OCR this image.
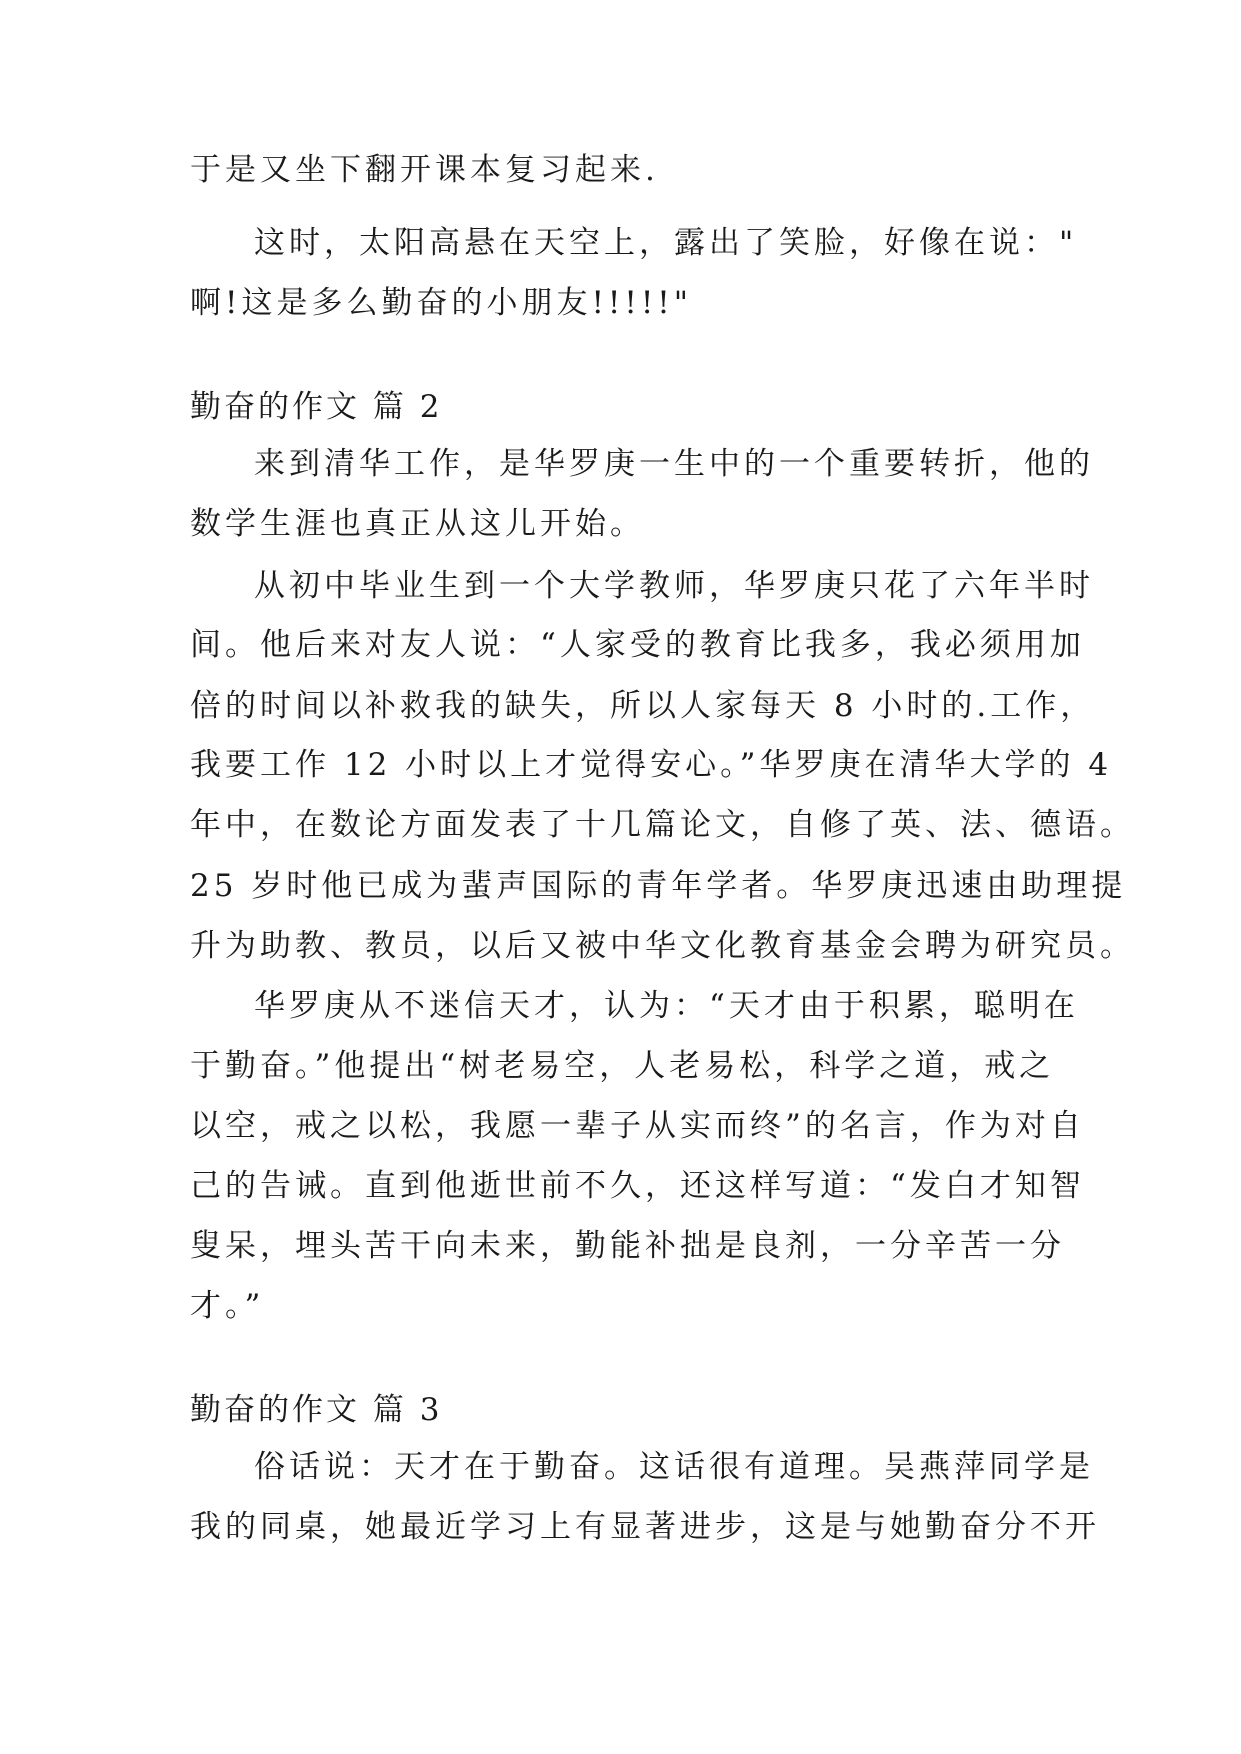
于是又坐下翻开课本复习起来.
这时，太阳高悬在天空上，露出了笑脸，好像在说："
啊!这是多么勤奋的小朋友!!!!!"
勤奋的作文 篇 2
来到清华工作，是华罗庚一生中的一个重要转折，他的
数学生涯也真正从这儿开始。
从初中毕业生到一个大学教师，华罗庚只花了六年半时
间。他后来对友人说：“人家受的教育比我多，我必须用加
倍的时间以补救我的缺失，所以人家每天 8 小时的.工作，
我要工作 12 小时以上才觉得安心。”华罗庚在清华大学的 4
年中，在数论方面发表了十几篇论文，自修了英、法、德语。
25 岁时他已成为蜚声国际的青年学者。华罗庚迅速由助理提
升为助教、教员，以后又被中华文化教育基金会聘为研究员。
华罗庚从不迷信天才，认为：“天才由于积累，聪明在
于勤奋。”他提出“树老易空，人老易松，科学之道，戒之
以空，戒之以松，我愿一辈子从实而终”的名言，作为对自
己的告诫。直到他逝世前不久，还这样写道：“发白才知智
叟呆，埋头苦干向未来，勤能补拙是良剂，一分辛苦一分
才。”
勤奋的作文 篇 3
俗话说：天才在于勤奋。这话很有道理。吴燕萍同学是
我的同桌，她最近学习上有显著进步，这是与她勤奋分不开
